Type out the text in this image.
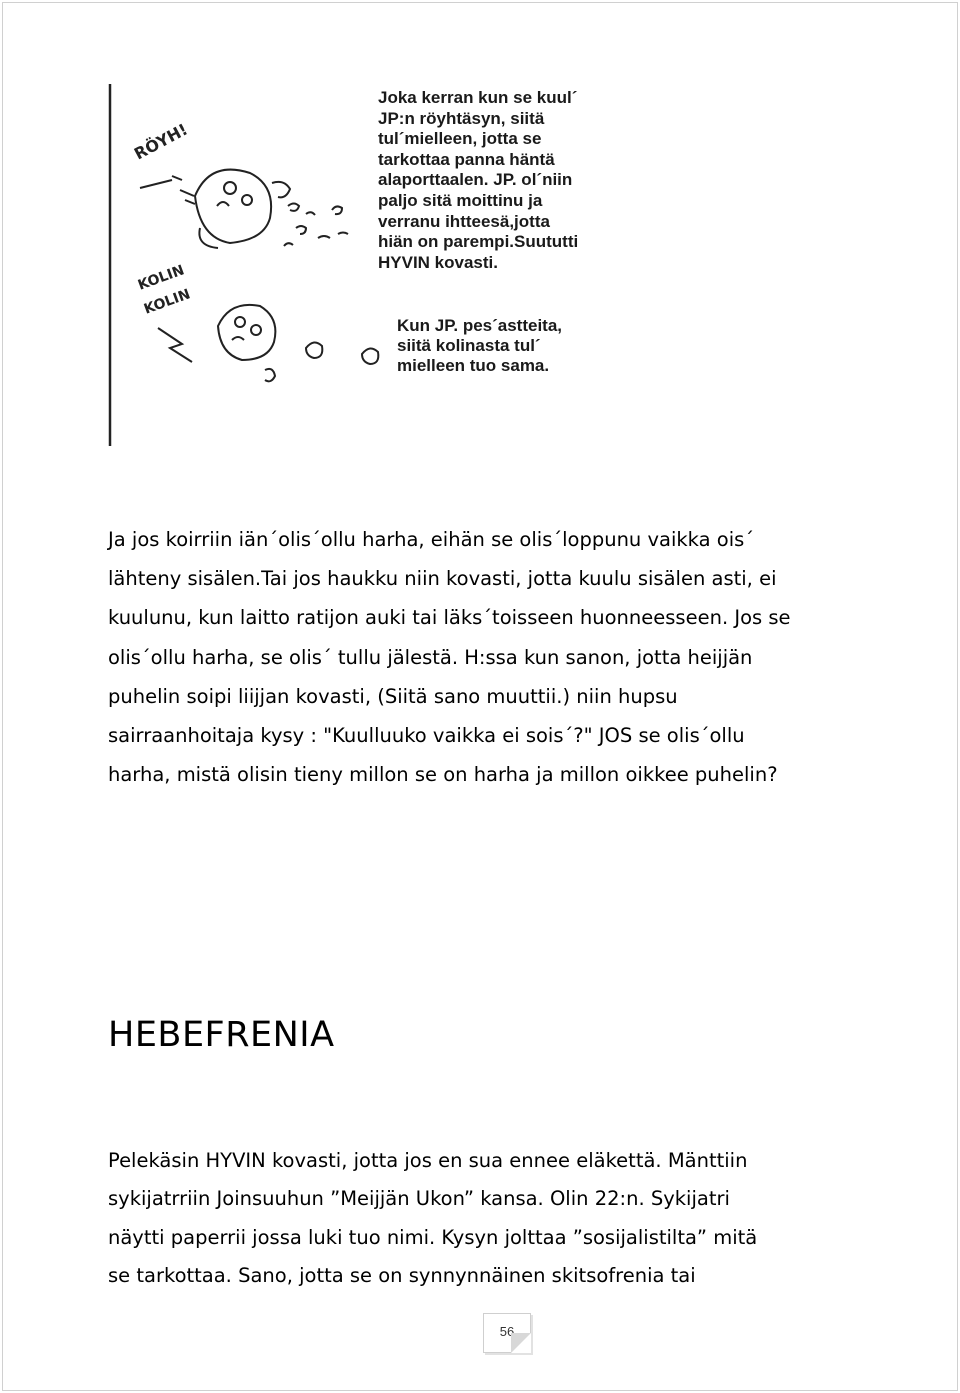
RÖYH!
KOLIN
KOLIN
Joka kerran kun se kuul´
JP:n röyhtäsyn, siitä
tul´mielleen, jotta se
tarkottaa panna häntä
alaporttaalen. JP. ol´niin
paljo sitä moittinu ja
verranu ihtteesä,jotta
hiän on parempi.Suututti
HYVIN kovasti.
Kun JP. pes´astteita,
siitä kolinasta tul´
mielleen tuo sama.
Ja jos koirriin iän´olis´ollu harha, eihän se olis´loppunu vaikka ois´
lähteny sisälen.Tai jos haukku niin kovasti, jotta kuulu sisälen asti, ei
kuulunu, kun laitto ratijon auki tai läks´toisseen huonneesseen. Jos se
olis´ollu harha, se olis´ tullu jälestä. H:ssa kun sanon, jotta heijjän
puhelin soipi liijjan kovasti, (Siitä sano muuttii.) niin hupsu
sairraanhoitaja kysy : "Kuulluuko vaikka ei sois´?" JOS se olis´ollu
harha, mistä olisin tieny millon se on harha ja millon oikkee puhelin?
HEBEFRENIA
Pelekäsin HYVIN kovasti, jotta jos en sua ennee eläkettä. Mänttiin
sykijatrriin Joinsuuhun ”Meijjän Ukon” kansa. Olin 22:n. Sykijatri
näytti paperrii jossa luki tuo nimi. Kysyn jolttaa ”sosijalistilta” mitä
se tarkottaa. Sano, jotta se on synnynnäinen skitsofrenia tai
56
